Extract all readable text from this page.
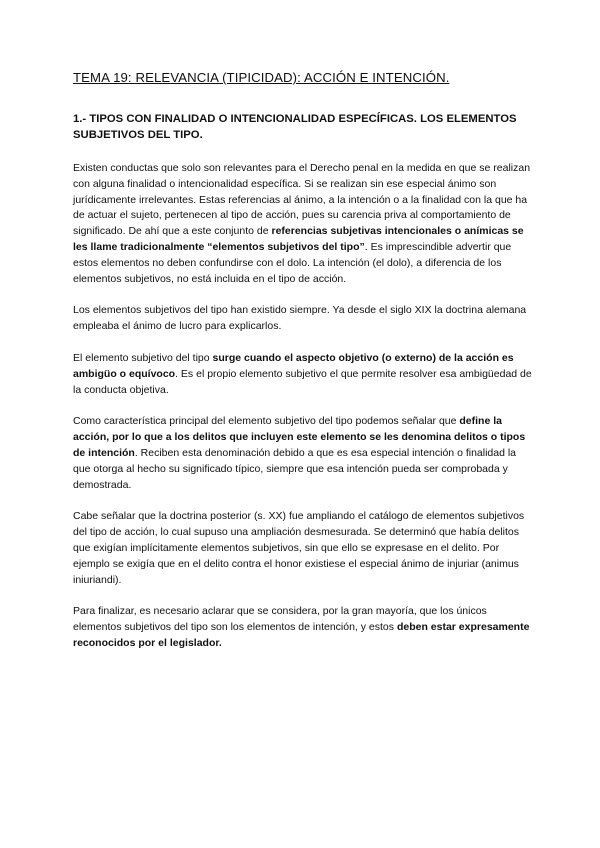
TEMA 19: RELEVANCIA (TIPICIDAD): ACCIÓN E INTENCIÓN.
1.- TIPOS CON FINALIDAD O INTENCIONALIDAD ESPECÍFICAS. LOS ELEMENTOS SUBJETIVOS DEL TIPO.

Existen conductas que solo son relevantes para el Derecho penal en la medida en que se realizan con alguna finalidad o intencionalidad específica. Si se realizan sin ese especial ánimo son jurídicamente irrelevantes. Estas referencias al ánimo, a la intención o a la finalidad con la que ha de actuar el sujeto, pertenecen al tipo de acción, pues su carencia priva al comportamiento de significado. De ahí que a este conjunto de referencias subjetivas intencionales o anímicas se les llame tradicionalmente “elementos subjetivos del tipo”. Es imprescindible advertir que estos elementos no deben confundirse con el dolo. La intención (el dolo), a diferencia de los elementos subjetivos, no está incluida en el tipo de acción.

Los elementos subjetivos del tipo han existido siempre. Ya desde el siglo XIX la doctrina alemana empleaba el ánimo de lucro para explicarlos.

El elemento subjetivo del tipo surge cuando el aspecto objetivo (o externo) de la acción es ambigüo o equívoco. Es el propio elemento subjetivo el que permite resolver esa ambigüedad de la conducta objetiva.

Como característica principal del elemento subjetivo del tipo podemos señalar que define la acción, por lo que a los delitos que incluyen este elemento se les denomina delitos o tipos de intención. Reciben esta denominación debido a que es esa especial intención o finalidad la que otorga al hecho su significado típico, siempre que esa intención pueda ser comprobada y demostrada.

Cabe señalar que la doctrina posterior (s. XX) fue ampliando el catálogo de elementos subjetivos del tipo de acción, lo cual supuso una ampliación desmesurada. Se determinó que había delitos que exigían implícitamente elementos subjetivos, sin que ello se expresase en el delito. Por ejemplo se exigía que en el delito contra el honor existiese el especial ánimo de injuriar (animus iniuriandi).

Para finalizar, es necesario aclarar que se considera, por la gran mayoría, que los únicos elementos subjetivos del tipo son los elementos de intención, y estos deben estar expresamente reconocidos por el legislador.
